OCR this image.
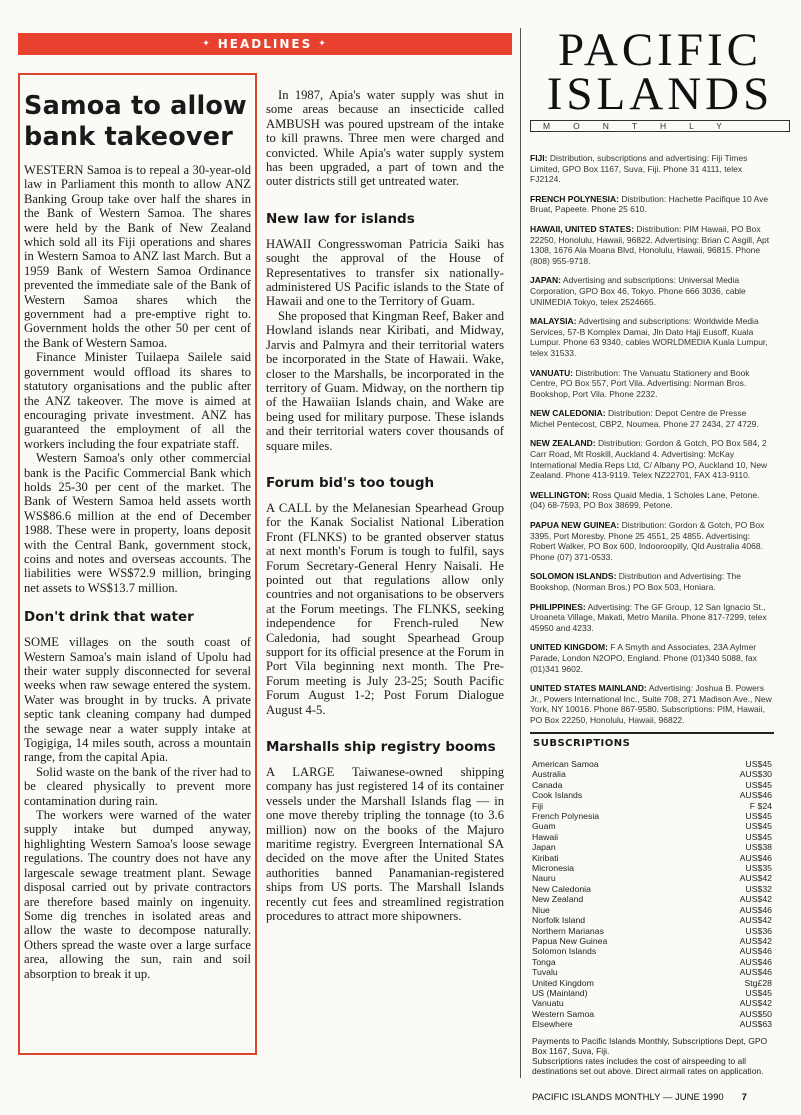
✦ HEADLINES ✦
Samoa to allow bank takeover

WESTERN Samoa is to repeal a 30-year-old law in Parliament this month to allow ANZ Banking Group take over half the shares in the Bank of Western Samoa. The shares were held by the Bank of New Zealand which sold all its Fiji operations and shares in Western Samoa to ANZ last March. But a 1959 Bank of Western Samoa Ordinance prevented the immediate sale of the Bank of Western Samoa shares which the government had a pre-emptive right to. Government holds the other 50 per cent of the Bank of Western Samoa.

Finance Minister Tuilaepa Sailele said government would offload its shares to statutory organisations and the public after the ANZ takeover. The move is aimed at encouraging private investment. ANZ has guaranteed the employment of all the workers including the four expatriate staff.

Western Samoa's only other commercial bank is the Pacific Commercial Bank which holds 25-30 per cent of the market. The Bank of Western Samoa held assets worth WS$86.6 million at the end of December 1988. These were in property, loans deposit with the Central Bank, government stock, coins and notes and overseas accounts. The liabilities were WS$72.9 million, bringing net assets to WS$13.7 million.

Don't drink that water

SOME villages on the south coast of Western Samoa's main island of Upolu had their water supply disconnected for several weeks when raw sewage entered the system. Water was brought in by trucks. A private septic tank cleaning company had dumped the sewage near a water supply intake at Togigiga, 14 miles south, across a mountain range, from the capital Apia.

Solid waste on the bank of the river had to be cleared physically to prevent more contamination during rain.

The workers were warned of the water supply intake but dumped anyway, highlighting Western Samoa's loose sewage regulations. The country does not have any largescale sewage treatment plant. Sewage disposal carried out by private contractors are therefore based mainly on ingenuity. Some dig trenches in isolated areas and allow the waste to decompose naturally. Others spread the waste over a large surface area, allowing the sun, rain and soil absorption to break it up.

In 1987, Apia's water supply was shut in some areas because an insecticide called AMBUSH was poured upstream of the intake to kill prawns. Three men were charged and convicted. While Apia's water supply system has been upgraded, a part of town and the outer districts still get untreated water.

New law for islands

HAWAII Congresswoman Patricia Saiki has sought the approval of the House of Representatives to transfer six nationally-administered US Pacific islands to the State of Hawaii and one to the Territory of Guam.

She proposed that Kingman Reef, Baker and Howland islands near Kiribati, and Midway, Jarvis and Palmyra and their territorial waters be incorporated in the State of Hawaii. Wake, closer to the Marshalls, be incorporated in the territory of Guam. Midway, on the northern tip of the Hawaiian Islands chain, and Wake are being used for military purpose. These islands and their territorial waters cover thousands of square miles.

Forum bid's too tough

A CALL by the Melanesian Spearhead Group for the Kanak Socialist National Liberation Front (FLNKS) to be granted observer status at next month's Forum is tough to fulfil, says Forum Secretary-General Henry Naisali. He pointed out that regulations allow only countries and not organisations to be observers at the Forum meetings. The FLNKS, seeking independence for French-ruled New Caledonia, had sought Spearhead Group support for its official presence at the Forum in Port Vila beginning next month. The Pre-Forum meeting is July 23-25; South Pacific Forum August 1-2; Post Forum Dialogue August 4-5.

Marshalls ship registry booms

A LARGE Taiwanese-owned shipping company has just registered 14 of its container vessels under the Marshall Islands flag — in one move thereby tripling the tonnage (to 3.6 million) now on the books of the Majuro maritime registry. Evergreen International SA decided on the move after the United States authorities banned Panamanian-registered ships from US ports. The Marshall Islands recently cut fees and streamlined registration procedures to attract more shipowners.

PACIFIC
ISLANDS
MONTHLY
FIJI: Distribution, subscriptions and advertising: Fiji Times Limited, GPO Box 1167, Suva, Fiji. Phone 31 4111, telex FJ2124.
FRENCH POLYNESIA: Distribution: Hachette Pacifique 10 Ave Bruat, Papeete. Phone 25 610.
HAWAII, UNITED STATES: Distribution: PIM Hawaii, PO Box 22250, Honolulu, Hawaii, 96822. Advertising: Brian C Asgill, Apt 1308, 1676 Ala Moana Blvd, Honolulu, Hawaii, 96815. Phone (808) 955-9718.
JAPAN: Advertising and subscriptions: Universal Media Corporation, GPO Box 46, Tokyo. Phone 666 3036, cable UNIMEDIA Tokyo, telex 2524665.
MALAYSIA: Advertising and subscriptions: Worldwide Media Services, 57-B Komplex Damai, Jln Dato Haji Eusoff, Kuala Lumpur. Phone 63 9340, cables WORLDMEDIA Kuala Lumpur, telex 31533.
VANUATU: Distribution: The Vanuatu Stationery and Book Centre, PO Box 557, Port Vila. Advertising: Norman Bros. Bookshop, Port Vila. Phone 2232.
NEW CALEDONIA: Distribution: Depot Centre de Presse Michel Pentecost, CBP2, Noumea. Phone 27 2434, 27 4729.
NEW ZEALAND: Distribution: Gordon & Gotch, PO Box 584, 2 Carr Road, Mt Roskill, Auckland 4. Advertising: McKay International Media Reps Ltd, C/ Albany PO, Auckland 10, New Zealand. Phone 413-9119. Telex NZ22701, FAX 413-9110.
WELLINGTON: Ross Quaid Media, 1 Scholes Lane, Petone. (04) 68-7593, PO Box 38699, Petone.
PAPUA NEW GUINEA: Distribution: Gordon & Gotch, PO Box 3395, Port Moresby. Phone 25 4551, 25 4855. Advertising: Robert Walker, PO Box 600, Indooroopilly, Qld Australia 4068. Phone (07) 371-0533.
SOLOMON ISLANDS: Distribution and Advertising: The Bookshop, (Norman Bros.) PO Box 503, Honiara.
PHILIPPINES: Advertising: The GF Group, 12 San Ignacio St., Uroaneta Village, Makati, Metro Manila. Phone 817-7299, telex 45950 and 4233.
UNITED KINGDOM: F A Smyth and Associates, 23A Aylmer Parade, London N2OPO, England. Phone (01)340 5088, fax (01)341 9602.
UNITED STATES MAINLAND: Advertising: Joshua B. Powers Jr., Powers International Inc., Suite 708, 271 Madison Ave., New York, NY 10016. Phone 867-9580. Subscriptions: PIM, Hawaii, PO Box 22250, Honolulu, Hawaii, 96822.
SUBSCRIPTIONS
American Samoa	US$45
Australia	AUS$30
Canada	US$45
Cook Islands	AUS$46
Fiji	F $24
French Polynesia	US$45
Guam	US$45
Hawaii	US$45
Japan	US$38
Kiribati	AUS$46
Micronesia	US$35
Nauru	AUS$42
New Caledonia	US$32
New Zealand	AUS$42
Niue	AUS$46
Norfolk Island	AUS$42
Northern Marianas	US$36
Papua New Guinea	AUS$42
Solomon Islands	AUS$46
Tonga	AUS$46
Tuvalu	AUS$46
United Kingdom	Stg£28
US (Mainland)	US$45
Vanuatu	AUS$42
Western Samoa	AUS$50
Elsewhere	AUS$63
Payments to Pacific Islands Monthly, Subscriptions Dept, GPO Box 1167, Suva, Fiji.
Subscriptions rates includes the cost of airspeeding to all destinations set out above. Direct airmail rates on application.
PACIFIC ISLANDS MONTHLY — JUNE 1990 7
